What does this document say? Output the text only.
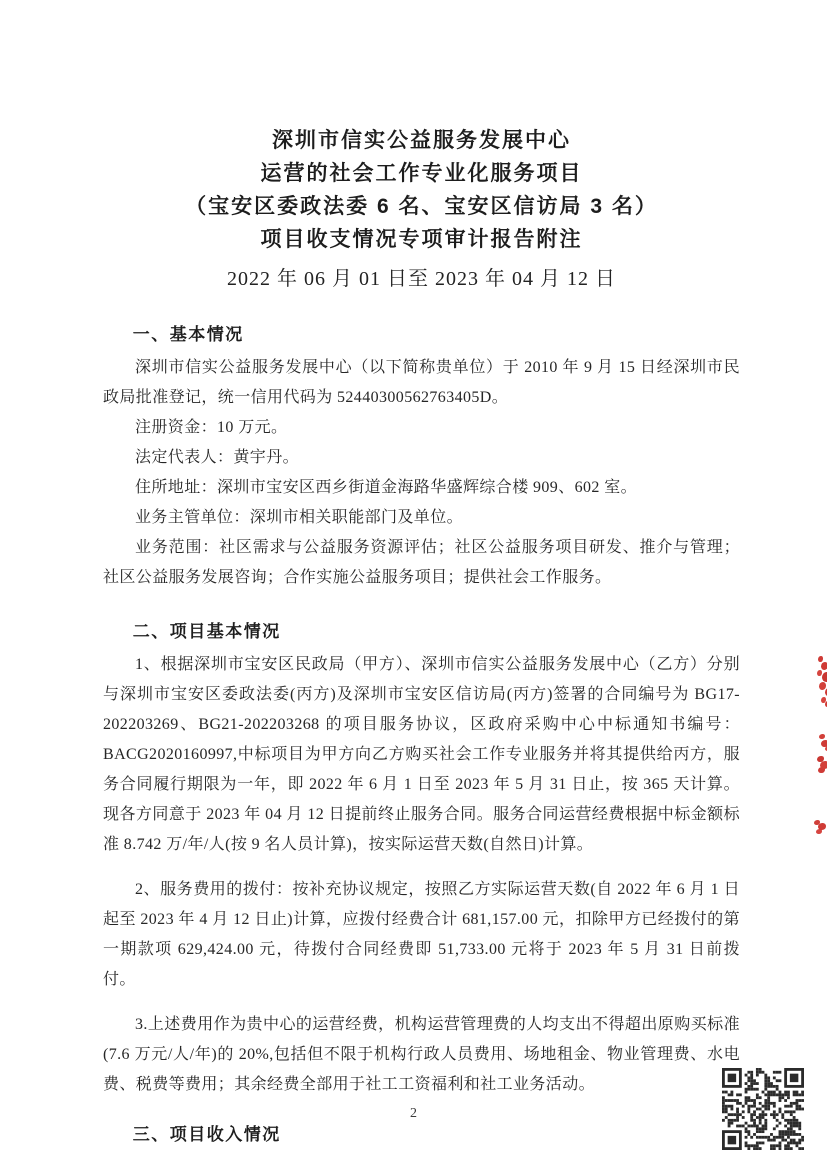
深圳市信实公益服务发展中心
运营的社会工作专业化服务项目
（宝安区委政法委 6 名、宝安区信访局 3 名）
项目收支情况专项审计报告附注

2022 年 06 月 01 日至 2023 年 04 月 12 日

一、基本情况

深圳市信实公益服务发展中心（以下简称贵单位）于 2010 年 9 月 15 日经深圳市民政局批准登记，统一信用代码为 52440300562763405D。

注册资金：10 万元。

法定代表人：黄宇丹。

住所地址：深圳市宝安区西乡街道金海路华盛辉综合楼 909、602 室。

业务主管单位：深圳市相关职能部门及单位。

业务范围：社区需求与公益服务资源评估；社区公益服务项目研发、推介与管理；社区公益服务发展咨询；合作实施公益服务项目；提供社会工作服务。

二、项目基本情况

1、根据深圳市宝安区民政局（甲方）、深圳市信实公益服务发展中心（乙方）分别与深圳市宝安区委政法委(丙方)及深圳市宝安区信访局(丙方)签署的合同编号为 BG17-202203269、BG21-202203268 的项目服务协议，区政府采购中心中标通知书编号：BACG2020160997,中标项目为甲方向乙方购买社会工作专业服务并将其提供给丙方，服务合同履行期限为一年，即 2022 年 6 月 1 日至 2023 年 5 月 31 日止，按 365 天计算。现各方同意于 2023 年 04 月 12 日提前终止服务合同。服务合同运营经费根据中标金额标准 8.742 万/年/人(按 9 名人员计算)，按实际运营天数(自然日)计算。

2、服务费用的拨付：按补充协议规定，按照乙方实际运营天数(自 2022 年 6 月 1 日起至 2023 年 4 月 12 日止)计算，应拨付经费合计 681,157.00 元，扣除甲方已经拨付的第一期款项 629,424.00 元，待拨付合同经费即 51,733.00 元将于 2023 年 5 月 31 日前拨付。

3.上述费用作为贵中心的运营经费，机构运营管理费的人均支出不得超出原购买标准(7.6 万元/人/年)的 20%,包括但不限于机构行政人员费用、场地租金、物业管理费、水电费、税费等费用；其余经费全部用于社工工资福利和社工业务活动。

三、项目收入情况
2
